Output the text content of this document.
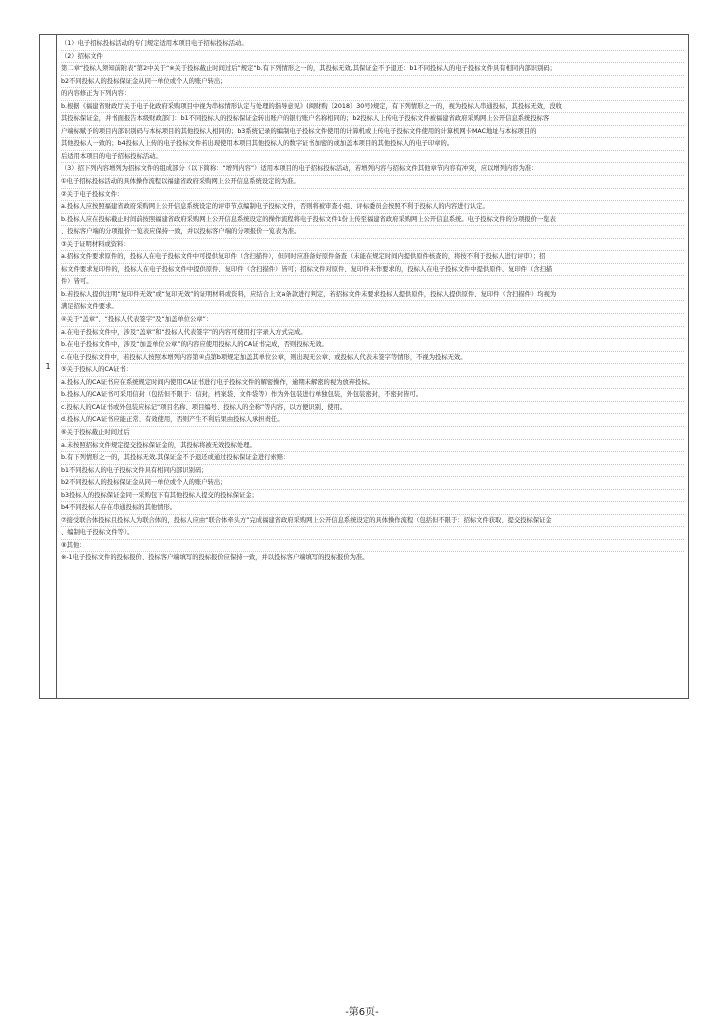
1
（1）电子招标投标活动的专门规定适用本项目电子招标投标活动。
（2）招标文件
第二章“投标人须知前附表”第2中关于“※关于投标截止时间过后”规定“b.有下列情形之一的，其投标无效,其保证金不予退还：b1不同投标人的电子投标文件具有相同内部识别码；
b2不同投标人的投标保证金从同一单位或个人的账户转出；
的内容修正为下列内容：
b.根据《福建省财政厅关于电子化政府采购项目中视为串标情形认定与处理的指导意见》(闽财购〔2018〕30号)规定，有下列情形之一的，视为投标人串通投标，其投标无效，没收
其投标保证金，并书面报告本级财政部门：b1不同投标人的投标保证金转出账户的银行账户名称相同的；b2投标人上传电子投标文件被福建省政府采购网上公开信息系统投标客
户端标赋予的项目内部识别码与本标项目的其他投标人相同的；b3系统记录的编制电子投标文件使用的计算机或上传电子投标文件使用的计算机网卡MAC地址与本标项目的
其他投标人一致的；b4投标人上传的电子投标文件若出现使用本项目其他投标人的数字证书加密的或加盖本项目的其他投标人的电子印章的。
后适用本项目的电子招标投标活动。
（3）招下列内容增列为招标文件的组成部分（以下简称：“增列内容”）适用本项目的电子招标投标活动，若增列内容与招标文件其他章节内容有冲突，应以增列内容为准：
①电子招标投标活动的具体操作流程以福建省政府采购网上公开信息系统设定的为准。
②关于电子投标文件：
a.投标人应按照福建省政府采购网上公开信息系统设定的评审节点编制电子投标文件，否则将被审查小组、评标委员会按照不利于投标人的内容进行认定。
b.投标人应在投标截止时间前按照福建省政府采购网上公开信息系统设定的操作流程将电子投标文件1份上传至福建省政府采购网上公开信息系统。电子投标文件的分项报价一览表
、投标客户端的分项报价一览表应保持一致，并以投标客户端的分项报价一览表为准。
③关于证明材料或资料：
a.招标文件要求原件的，投标人在电子投标文件中可提供复印件（含扫描件），但同时应准备好原件备查（未能在规定时间内提供原件核查的，将按不利于投标人进行评审）；招
标文件要求复印件的，投标人在电子投标文件中提供原件、复印件（含扫描件）皆可；招标文件对原件、复印件未作要求的，投标人在电子投标文件中提供原件、复印件（含扫描
件）皆可。
b.若投标人提供注明“复印件无效”或“复印无效”的证明材料或资料，应结合上文a条款进行判定，若招标文件未要求投标人提供原件，投标人提供原件、复印件（含扫描件）均视为
满足招标文件要求。
④关于“盖章”、“投标人代表签字”及“加盖单位公章”：
a.在电子投标文件中，涉及“盖章”和“投标人代表签字”的内容可使用打字录入方式完成。
b.在电子投标文件中，涉及“加盖单位公章”的内容应使用投标人的CA证书完成，否则投标无效。
c.在电子投标文件中，若投标人按照本增列内容第④点第b项规定加盖其单位公章，则出现无公章、或投标人代表未签字等情形，不视为投标无效。
⑤关于投标人的CA证书：
a.投标人的CA证书应在系统规定时间内使用CA证书进行电子投标文件的解密操作，逾期未解密的视为放弃投标。
b.投标人的CA证书可采用信封（包括但不限于：信封，档案袋、文件袋等）作为外包装进行单独包装，外包装密封，不密封皆可。
c.投标人的CA证书或外包装应标记“项目名称、项目编号、投标人的全称”等内容，以方便识别、使用。
d.投标人的CA证书应能正常、有效使用，否则产生不利后果由投标人承担责任。
⑥关于投标截止时间过后
a.未按照招标文件规定提交投标保证金的，其投标将被无效投标处理。
b.有下列情形之一的，其投标无效,其保证金不予退还或通过投标保证金进行索赔：
b1不同投标人的电子投标文件具有相同内部识别码；
b2不同投标人的投标保证金从同一单位或个人的账户转出；
b3投标人的投标保证金同一采购包下有其他投标人提交的投标保证金；
b4不同投标人存在串通投标的其他情形。
⑦接受联合体投标且投标人为联合体的，投标人应由“联合体牵头方”完成福建省政府采购网上公开信息系统设定的具体操作流程（包括但不限于：招标文件获取、提交投标保证金
、编制电子投标文件等）。
⑧其他：
※-1电子投标文件的投标报价、投标客户端填写的投标报价应保持一致，并以投标客户端填写的投标报价为准。
-第6页-
